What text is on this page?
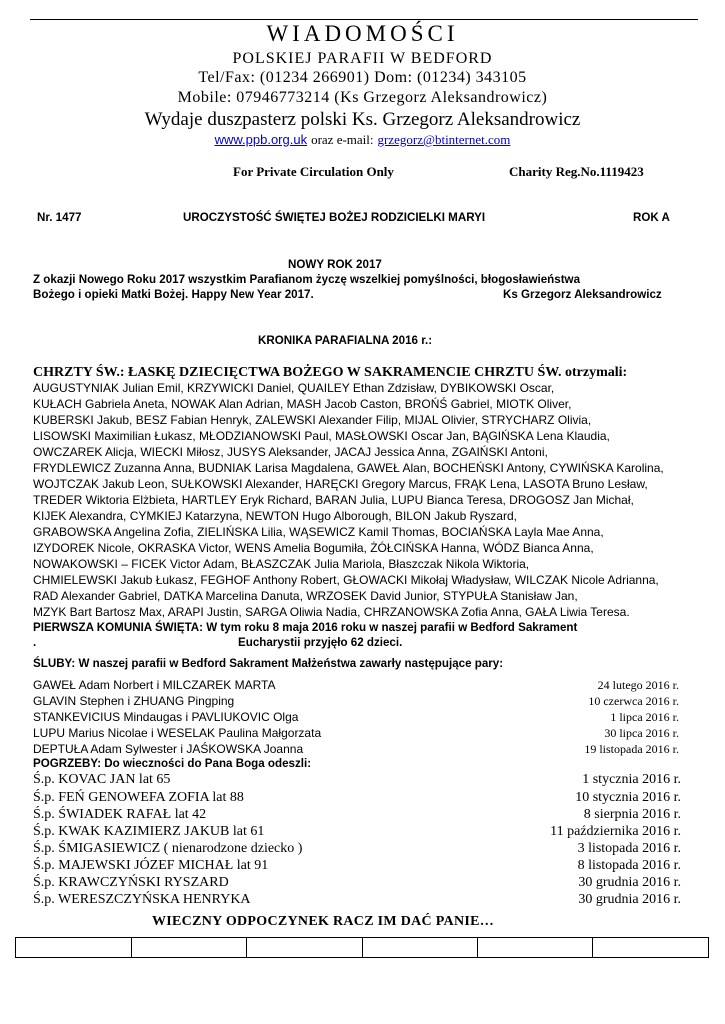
WIADOMOŚCI
POLSKIEJ PARAFII W BEDFORD
Tel/Fax: (01234 266901) Dom: (01234) 343105
Mobile: 07946773214 (Ks Grzegorz Aleksandrowicz)
Wydaje duszpasterz polski Ks. Grzegorz Aleksandrowicz
www.ppb.org.uk oraz e-mail: grzegorz@btinternet.com
For Private Circulation Only	Charity Reg.No.1119423
Nr. 1477	UROCZYSTOŚĆ ŚWIĘTEJ BOŻEJ RODZICIELKI MARYI	ROK A
NOWY ROK 2017
Z okazji Nowego Roku 2017 wszystkim Parafianom życzę wszelkiej pomyślności, błogosławieństwa
Bożego i opieki Matki Bożej. Happy New Year 2017.	Ks Grzegorz Aleksandrowicz
KRONIKA PARAFIALNA 2016 r.:
CHRZTY ŚW.: ŁASKĘ DZIECIĘCTWA BOŻEGO W SAKRAMENCIE CHRZTU ŚW. otrzymali:
AUGUSTYNIAK Julian Emil, KRZYWICKI Daniel, QUAILEY Ethan Zdzisław, DYBIKOWSKI Oscar,
KUŁACH Gabriela Aneta, NOWAK Alan Adrian, MASH Jacob Caston, BROŃŚ Gabriel, MIOTK Oliver,
KUBERSKI Jakub, BESZ Fabian Henryk, ZALEWSKI Alexander Filip, MIJAL Olivier, STRYCHARZ Olivia,
LISOWSKI Maximilian Łukasz, MŁODZIANOWSKI Paul, MASŁOWSKI Oscar Jan, BĄGIŃSKA Lena Klaudia,
OWCZAREK Alicja, WIECKI Miłosz, JUSYS Aleksander, JACAJ Jessica Anna, ZGAIŃSKI Antoni,
FRYDLEWICZ Zuzanna Anna, BUDNIAK Larisa Magdalena, GAWEŁ Alan, BOCHEŃSKI Antony, CYWIŃSKA Karolina,
WOJTCZAK Jakub Leon, SUŁKOWSKI Alexander, HARĘCKI Gregory Marcus, FRĄK Lena, LASOTA Bruno Lesław,
TREDER Wiktoria Elżbieta, HARTLEY Eryk Richard, BARAN Julia, LUPU Bianca Teresa, DROGOSZ Jan Michał,
KIJEK Alexandra, CYMKIEJ Katarzyna, NEWTON Hugo Alborough, BILON Jakub Ryszard,
GRABOWSKA Angelina Zofia, ZIELIŃSKA Lilia, WĄSEWICZ Kamil Thomas, BOCIAŃSKA Layla Mae Anna,
IZYDOREK Nicole, OKRASKA Victor, WENS Amelia Bogumiła, ŻÓŁCIŃSKA Hanna, WÓDZ Bianca Anna,
NOWAKOWSKI – FICEK Victor Adam, BŁASZCZAK Julia Mariola, Błaszczak Nikola Wiktoria,
CHMIELEWSKI Jakub Łukasz, FEGHOF Anthony Robert, GŁOWACKI Mikołaj Władysław, WILCZAK Nicole Adrianna,
RAD Alexander Gabriel, DATKA Marcelina Danuta, WRZOSEK David Junior, STYPUŁA Stanisław Jan,
MZYK Bart Bartosz Max, ARAPI Justin, SARGA Oliwia Nadia, CHRZANOWSKA Zofia Anna, GAŁA Liwia Teresa.
PIERWSZA KOMUNIA ŚWIĘTA: W tym roku 8 maja 2016 roku w naszej parafii w Bedford Sakrament
.	Eucharystii przyjęło 62 dzieci.
ŚLUBY: W naszej parafii w Bedford Sakrament Małżeństwa zawarły następujące pary:
GAWEŁ Adam Norbert i MILCZAREK MARTA	24 lutego 2016 r.
GLAVIN Stephen i ZHUANG Pingping	10 czerwca 2016 r.
STANKEVICIUS Mindaugas i PAVLIUKOVIC Olga	1 lipca 2016 r.
LUPU Marius Nicolae i WESELAK Paulina Małgorzata	30 lipca 2016 r.
DEPTUŁA Adam Sylwester i JAŚKOWSKA Joanna	19 listopada 2016 r.
POGRZEBY: Do wieczności do Pana Boga odeszli:
Ś.p. KOVAC JAN lat 65	1 stycznia 2016 r.
Ś.p. FEŃ GENOWEFA ZOFIA lat 88	10 stycznia 2016 r.
Ś.p. ŚWIADEK RAFAŁ lat 42	8 sierpnia 2016 r.
Ś.p. KWAK KAZIMIERZ JAKUB lat 61	11 października 2016 r.
Ś.p. ŚMIGASIEWICZ ( nienarodzone dziecko )	3 listopada 2016 r.
Ś.p. MAJEWSKI JÓZEF MICHAŁ lat 91	8 listopada 2016 r.
Ś.p. KRAWCZYŃSKI RYSZARD	30 grudnia 2016 r.
Ś.p. WERESZCZYŃSKA HENRYKA	30 grudnia 2016 r.
WIECZNY ODPOCZYNEK RACZ IM DAĆ PANIE…
